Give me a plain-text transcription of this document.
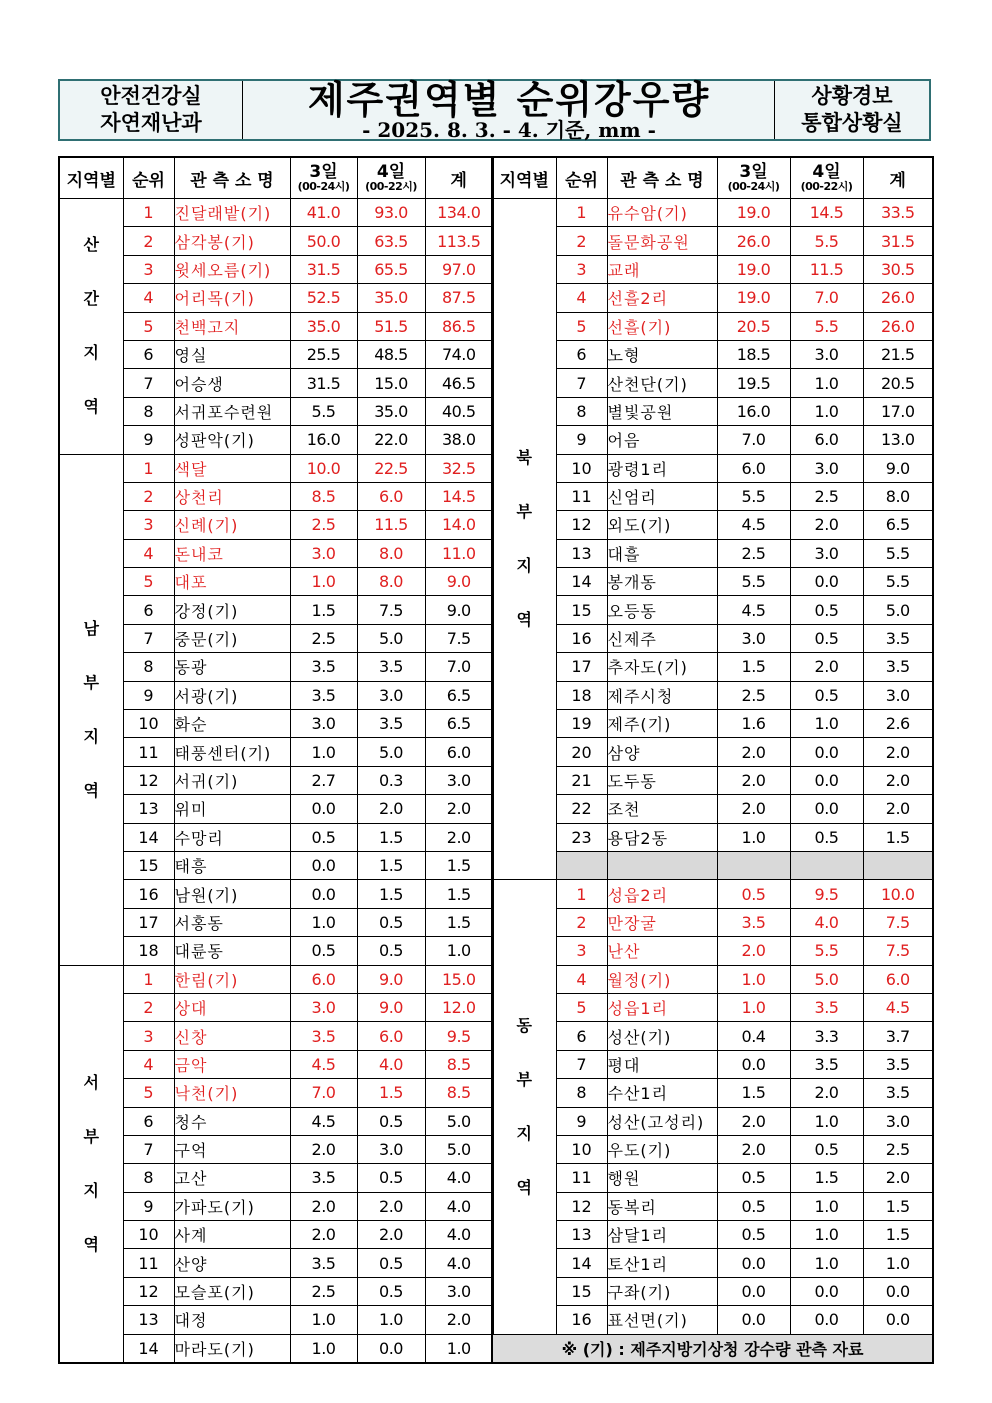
안전건강실
자연재난과
제주권역별 순위강우량
- 2025. 8. 3. - 4. 기준, mm -
상황경보
통합상황실
지역별	순위	관 측 소 명	3일
(00-24시)	4일
(00-22시)	계

산
간
지
역	1	진달래밭(기)	41.0	93.0	134.0
	2	삼각봉(기)	50.0	63.5	113.5
	3	윗세오름(기)	31.5	65.5	97.0
	4	어리목(기)	52.5	35.0	87.5
	5	천백고지	35.0	51.5	86.5
	6	영실	25.5	48.5	74.0
	7	어승생	31.5	15.0	46.5
	8	서귀포수련원	5.5	35.0	40.5
	9	성판악(기)	16.0	22.0	38.0

남
부
지
역	1	색달	10.0	22.5	32.5
	2	상천리	8.5	6.0	14.5
	3	신례(기)	2.5	11.5	14.0
	4	돈내코	3.0	8.0	11.0
	5	대포	1.0	8.0	9.0
	6	강정(기)	1.5	7.5	9.0
	7	중문(기)	2.5	5.0	7.5
	8	동광	3.5	3.5	7.0
	9	서광(기)	3.5	3.0	6.5
	10	화순	3.0	3.5	6.5
	11	태풍센터(기)	1.0	5.0	6.0
	12	서귀(기)	2.7	0.3	3.0
	13	위미	0.0	2.0	2.0
	14	수망리	0.5	1.5	2.0
	15	태흥	0.0	1.5	1.5
	16	남원(기)	0.0	1.5	1.5
	17	서홍동	1.0	0.5	1.5
	18	대륜동	0.5	0.5	1.0

서
부
지
역	1	한림(기)	6.0	9.0	15.0
	2	상대	3.0	9.0	12.0
	3	신창	3.5	6.0	9.5
	4	금악	4.5	4.0	8.5
	5	낙천(기)	7.0	1.5	8.5
	6	청수	4.5	0.5	5.0
	7	구억	2.0	3.0	5.0
	8	고산	3.5	0.5	4.0
	9	가파도(기)	2.0	2.0	4.0
	10	사계	2.0	2.0	4.0
	11	산양	3.5	0.5	4.0
	12	모슬포(기)	2.5	0.5	3.0
	13	대정	1.0	1.0	2.0
	14	마라도(기)	1.0	0.0	1.0
지역별	순위	관 측 소 명	3일
(00-24시)	4일
(00-22시)	계

북
부
지
역	1	유수암(기)	19.0	14.5	33.5
	2	돌문화공원	26.0	5.5	31.5
	3	교래	19.0	11.5	30.5
	4	선흘2리	19.0	7.0	26.0
	5	선흘(기)	20.5	5.5	26.0
	6	노형	18.5	3.0	21.5
	7	산천단(기)	19.5	1.0	20.5
	8	별빛공원	16.0	1.0	17.0
	9	어음	7.0	6.0	13.0
	10	광령1리	6.0	3.0	9.0
	11	신엄리	5.5	2.5	8.0
	12	외도(기)	4.5	2.0	6.5
	13	대흘	2.5	3.0	5.5
	14	봉개동	5.5	0.0	5.5
	15	오등동	4.5	0.5	5.0
	16	신제주	3.0	0.5	3.5
	17	추자도(기)	1.5	2.0	3.5
	18	제주시청	2.5	0.5	3.0
	19	제주(기)	1.6	1.0	2.6
	20	삼양	2.0	0.0	2.0
	21	도두동	2.0	0.0	2.0
	22	조천	2.0	0.0	2.0
	23	용담2동	1.0	0.5	1.5

동
부
지
역	1	성읍2리	0.5	9.5	10.0
	2	만장굴	3.5	4.0	7.5
	3	난산	2.0	5.5	7.5
	4	월정(기)	1.0	5.0	6.0
	5	성읍1리	1.0	3.5	4.5
	6	성산(기)	0.4	3.3	3.7
	7	평대	0.0	3.5	3.5
	8	수산1리	1.5	2.0	3.5
	9	성산(고성리)	2.0	1.0	3.0
	10	우도(기)	2.0	0.5	2.5
	11	행원	0.5	1.5	2.0
	12	동복리	0.5	1.0	1.5
	13	삼달1리	0.5	1.0	1.5
	14	토산1리	0.0	1.0	1.0
	15	구좌(기)	0.0	0.0	0.0
	16	표선면(기)	0.0	0.0	0.0
※ (기) : 제주지방기상청 강수량 관측 자료					
